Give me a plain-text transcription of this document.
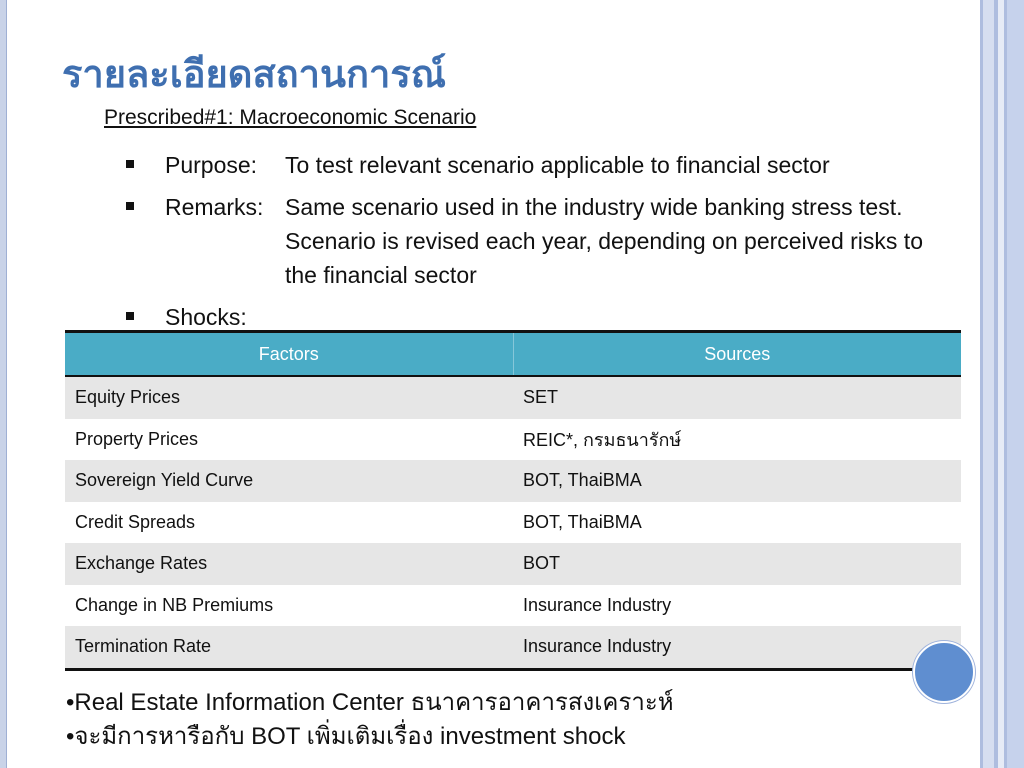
รายละเอียดสถานการณ์
Prescribed#1: Macroeconomic Scenario
Purpose:	To test relevant scenario applicable to financial sector
Remarks: Same scenario used in the industry wide banking stress test. Scenario is revised each year, depending on perceived risks to the financial sector
Shocks:
Factors	Sources
Equity Prices	SET
Property Prices	REIC*, กรมธนารักษ์
Sovereign Yield Curve	BOT, ThaiBMA
Credit Spreads	BOT, ThaiBMA
Exchange Rates	BOT
Change in NB Premiums	Insurance Industry
Termination Rate	Insurance Industry
•Real Estate Information Center ธนาคารอาคารสงเคราะห์
•จะมีการหารือกับ BOT เพิ่มเติมเรื่อง investment shock
